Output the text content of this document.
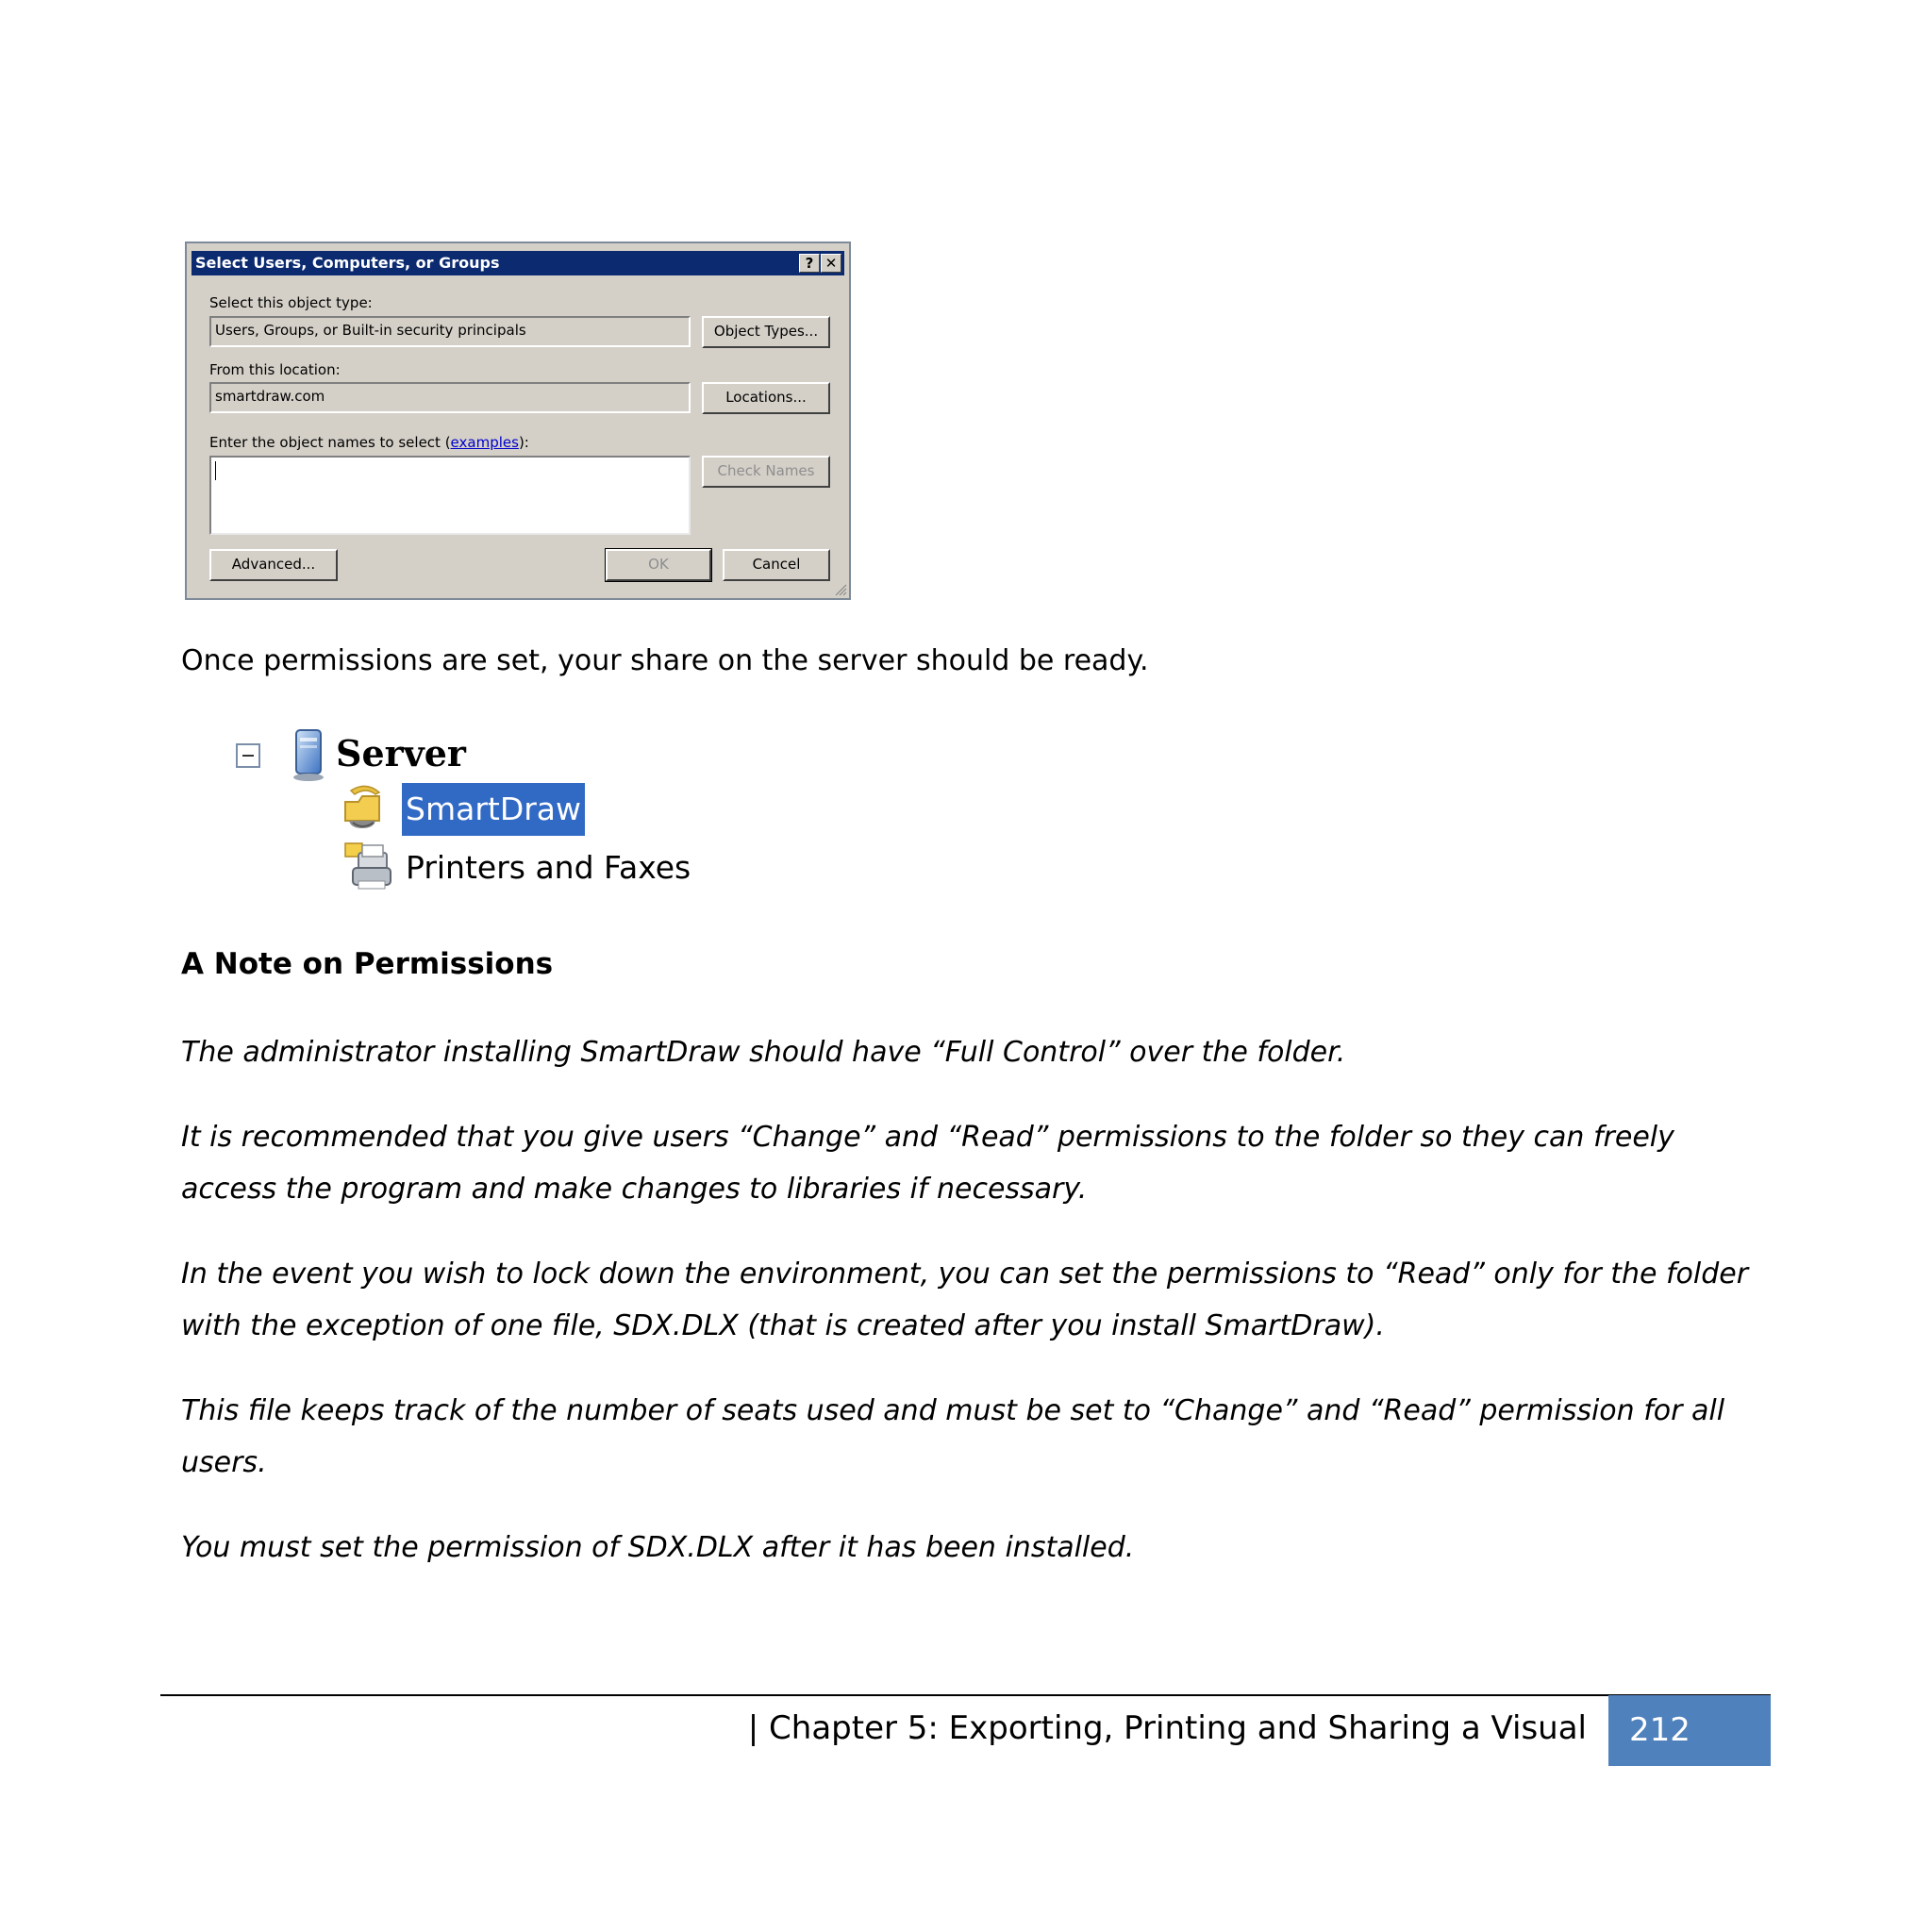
Select Users, Computers, or Groups	? ✕
Select this object type:
Users, Groups, or Built-in security principals	Object Types...
From this location:
smartdraw.com	Locations...
Enter the object names to select (examples):
Check Names
Advanced...	OK	Cancel
Once permissions are set, your share on the server should be ready.
Server
SmartDraw
Printers and Faxes
A Note on Permissions
The administrator installing SmartDraw should have “Full Control” over the folder.
It is recommended that you give users “Change” and “Read” permissions to the folder so they can freely access the program and make changes to libraries if necessary.
In the event you wish to lock down the environment, you can set the permissions to “Read” only for the folder with the exception of one file, SDX.DLX (that is created after you install SmartDraw).
This file keeps track of the number of seats used and must be set to “Change” and “Read” permission for all users.
You must set the permission of SDX.DLX after it has been installed.
| Chapter 5: Exporting, Printing and Sharing a Visual	212
